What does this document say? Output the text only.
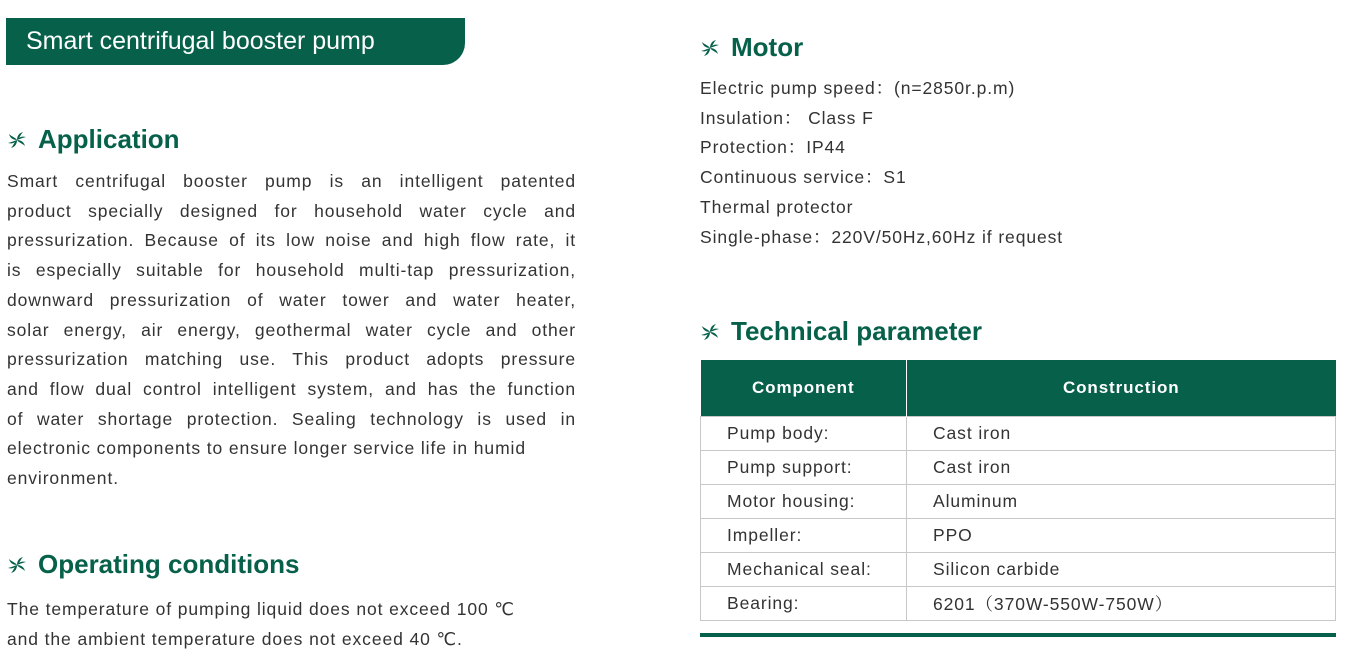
Smart centrifugal booster pump
Application
Smart centrifugal booster pump is an intelligent patented
product specially designed for household water cycle and
pressurization. Because of its low noise and high flow rate, it
is especially suitable for household multi-tap pressurization,
downward pressurization of water tower and water heater,
solar energy, air energy, geothermal water cycle and other
pressurization matching use. This product adopts pressure
and flow dual control intelligent system, and has the function
of water shortage protection. Sealing technology is used in
electronic components to ensure longer service life in humid
environment.
Operating conditions
The temperature of pumping liquid does not exceed 100 ℃
and the ambient temperature does not exceed 40 ℃.
Motor
Electric pump speed：(n=2850r.p.m)
Insulation： Class F
Protection：IP44
Continuous service：S1
Thermal protector
Single-phase：220V/50Hz,60Hz if request
Technical parameter
Component	Construction
Pump body:	Cast iron
Pump support:	Cast iron
Motor housing:	Aluminum
Impeller:	PPO
Mechanical seal:	Silicon carbide
Bearing:	6201（370W-550W-750W）
